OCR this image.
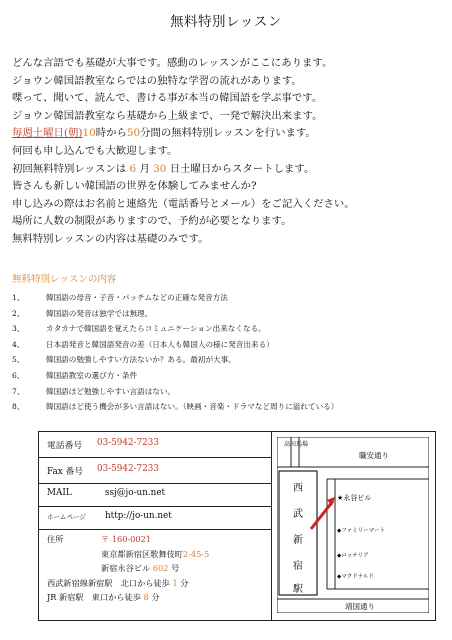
無料特別レッスン
どんな言語でも基礎が大事です。感動のレッスンがここにあります。
ジョウン韓国語教室ならではの独特な学習の流れがあります。
喋って、聞いて、読んで、書ける事が本当の韓国語を学ぶ事です。
ジョウン韓国語教室なら基礎から上級まで、一発で解決出来ます。
毎週土曜日(朝)10時から50分間の無料特別レッスンを行います。
何回も申し込んでも大歓迎します。
初回無料特別レッスンは 6 月 30 日土曜日からスタートします。
皆さんも新しい韓国語の世界を体験してみませんか?
申し込みの際はお名前と連絡先（電話番号とメール）をご記入ください。
場所に人数の制限がありますので、予約が必要となります。
無料特別レッスンの内容は基礎のみです。
無料特別レッスンの内容
1、	韓国語の母音・子音・パッチムなどの正確な発音方法
2、	韓国語の発音は独学では無理。
3、	カタカナで韓国語を覚えたらコミュニケーション出来なくなる。
4、	日本語発音と韓国語発音の差（日本人も韓国人の様に発音出来る）
5、	韓国語の勉強しやすい方法ないか？ある。最初が大事。
6、	韓国語教室の選び方・条件
7、	韓国語ほど勉強しやすい言語はない。
8、	韓国語ほど使う機会が多い言語はない。（映画・音楽・ドラマなど周りに溢れている）
電話番号 03-5942-7233
Fax 番号 03-5942-7233
MAIL	ssj@jo-un.net
ホームページ http://jo-un.net
住所	〒 160-0021
東京都新宿区歌舞伎町2-45-5
新宿永谷ビル 602 号
西武新宿線新宿駅　北口から徒歩 1 分
JR 新宿駅　東口から徒歩 8 分
高田馬場
職安通り
西
武
新
宿
駅
靖国通り
★永谷ビル
◆ファミリーマート
◆ロッテリア
◆マクドナルド
